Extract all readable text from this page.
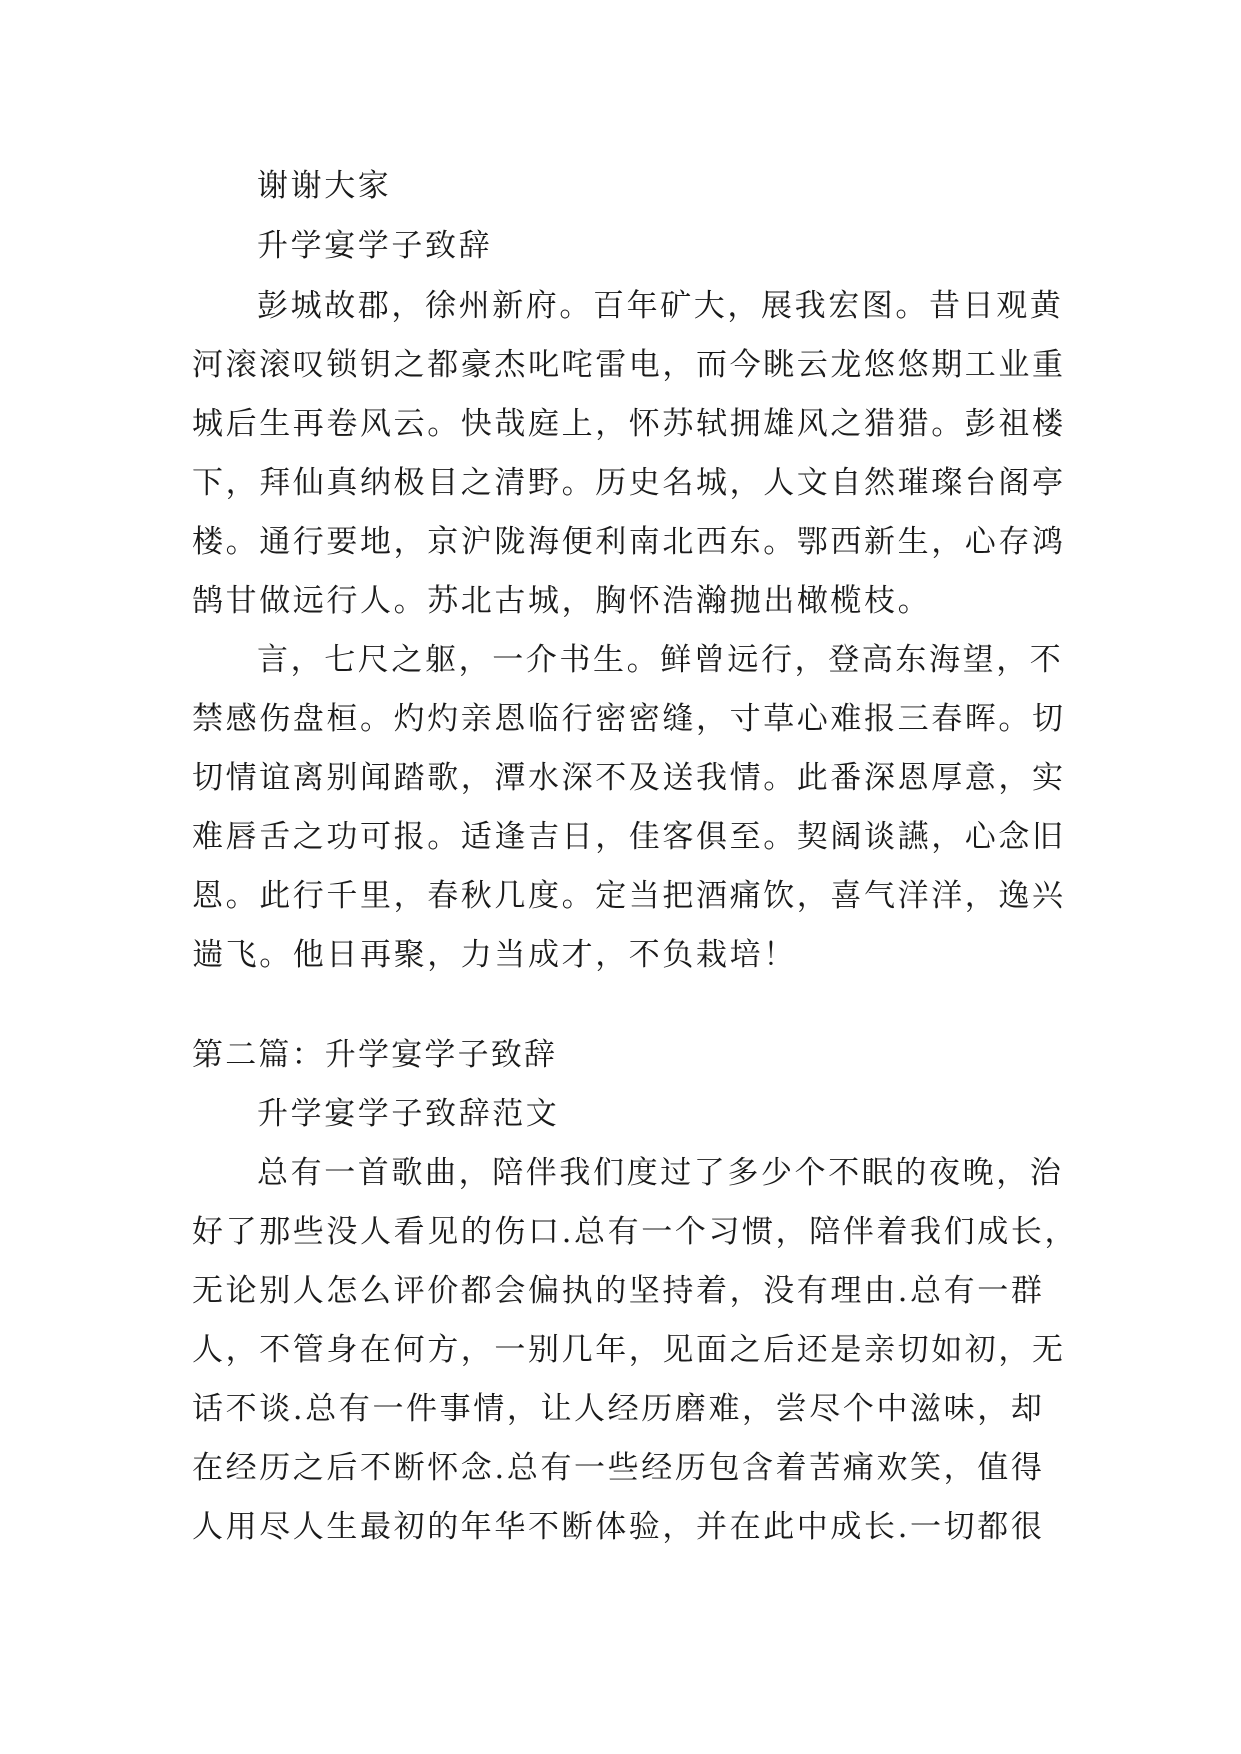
谢谢大家
升学宴学子致辞
彭城故郡，徐州新府。百年矿大，展我宏图。昔日观黄
河滚滚叹锁钥之都豪杰叱咤雷电，而今眺云龙悠悠期工业重
城后生再卷风云。快哉庭上，怀苏轼拥雄风之猎猎。彭祖楼
下，拜仙真纳极目之清野。历史名城，人文自然璀璨台阁亭
楼。通行要地，京沪陇海便利南北西东。鄂西新生，心存鸿
鹄甘做远行人。苏北古城，胸怀浩瀚抛出橄榄枝。
言，七尺之躯，一介书生。鲜曾远行，登高东海望，不
禁感伤盘桓。灼灼亲恩临行密密缝，寸草心难报三春晖。切
切情谊离别闻踏歌，潭水深不及送我情。此番深恩厚意，实
难唇舌之功可报。适逢吉日，佳客俱至。契阔谈讌，心念旧
恩。此行千里，春秋几度。定当把酒痛饮，喜气洋洋，逸兴
遄飞。他日再聚，力当成才，不负栽培！
第二篇：升学宴学子致辞
升学宴学子致辞范文
总有一首歌曲，陪伴我们度过了多少个不眠的夜晚，治
好了那些没人看见的伤口.总有一个习惯，陪伴着我们成长，
无论别人怎么评价都会偏执的坚持着，没有理由.总有一群
人，不管身在何方，一别几年，见面之后还是亲切如初，无
话不谈.总有一件事情，让人经历磨难，尝尽个中滋味，却
在经历之后不断怀念.总有一些经历包含着苦痛欢笑，值得
人用尽人生最初的年华不断体验，并在此中成长.一切都很
